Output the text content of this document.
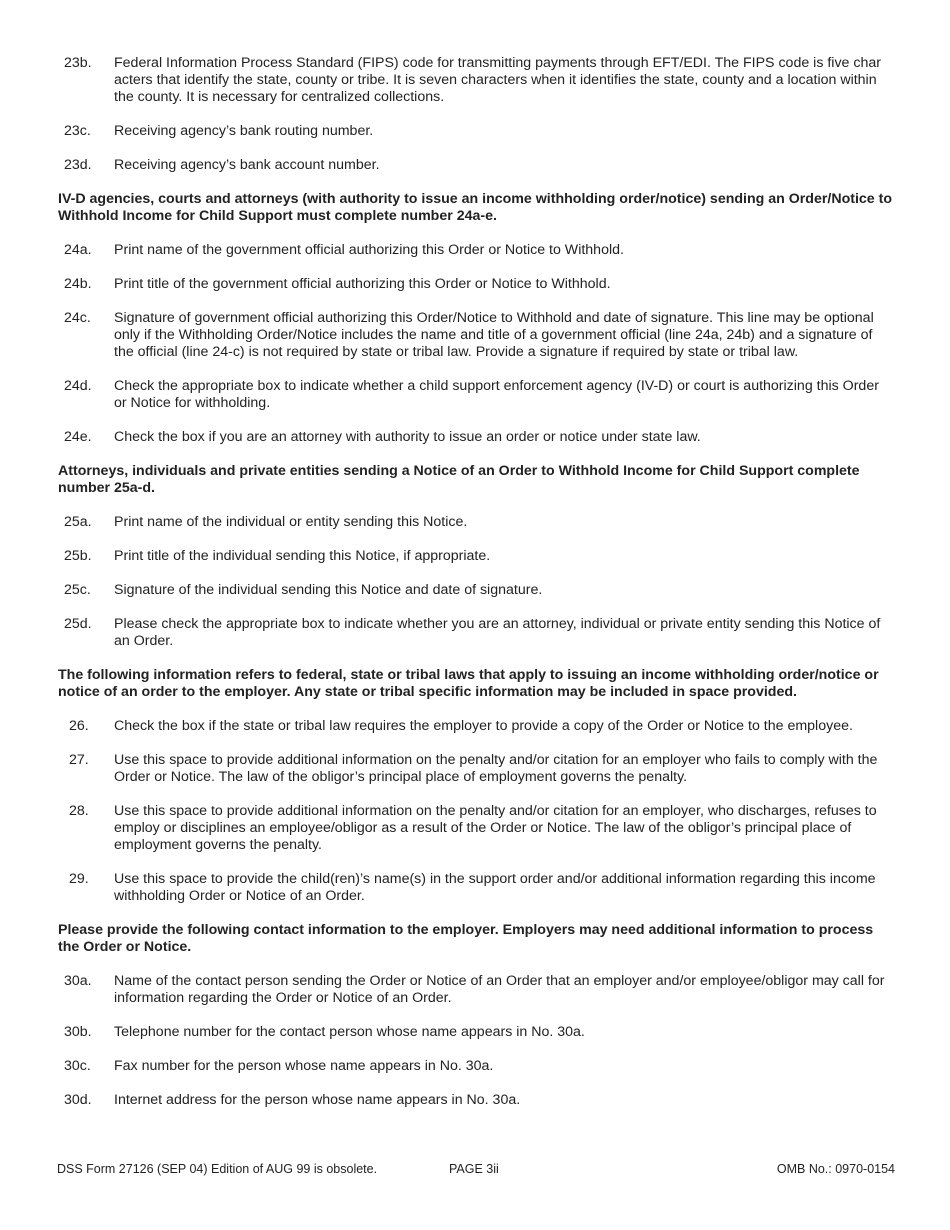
23b.	Federal Information Process Standard (FIPS) code for transmitting payments through EFT/EDI. The FIPS code is five char acters that identify the state, county or tribe. It is seven characters when it identifies the state, county and a location within the county. It is necessary for centralized collections.
23c.	Receiving agency’s bank routing number.
23d.	Receiving agency’s bank account number.
IV-D agencies, courts and attorneys (with authority to issue an income withholding order/notice) sending an Order/Notice to Withhold Income for Child Support must complete number 24a-e.
24a.	Print name of the government official authorizing this Order or Notice to Withhold.
24b.	Print title of the government official authorizing this Order or Notice to Withhold.
24c.	Signature of government official authorizing this Order/Notice to Withhold and date of signature. This line may be optional only if the Withholding Order/Notice includes the name and title of a government official (line 24a, 24b) and a signature of the official (line 24-c) is not required by state or tribal law. Provide a signature if required by state or tribal law.
24d.	Check the appropriate box to indicate whether a child support enforcement agency (IV-D) or court is authorizing this Order or Notice for withholding.
24e.	Check the box if you are an attorney with authority to issue an order or notice under state law.
Attorneys, individuals and private entities sending a Notice of an Order to Withhold Income for Child Support complete number 25a-d.
25a.	Print name of the individual or entity sending this Notice.
25b.	Print title of the individual sending this Notice, if appropriate.
25c.	Signature of the individual sending this Notice and date of signature.
25d.	Please check the appropriate box to indicate whether you are an attorney, individual or private entity sending this Notice of an Order.
The following information refers to federal, state or tribal laws that apply to issuing an income withholding order/notice or notice of an order to the employer. Any state or tribal specific information may be included in space provided.
26.	Check the box if the state or tribal law requires the employer to provide a copy of the Order or Notice to the employee.
27.	Use this space to provide additional information on the penalty and/or citation for an employer who fails to comply with the Order or Notice. The law of the obligor’s principal place of employment governs the penalty.
28.	Use this space to provide additional information on the penalty and/or citation for an employer, who discharges, refuses to employ or disciplines an employee/obligor as a result of the Order or Notice. The law of the obligor’s principal place of employment governs the penalty.
29.	Use this space to provide the child(ren)’s name(s) in the support order and/or additional information regarding this income withholding Order or Notice of an Order.
Please provide the following contact information to the employer. Employers may need additional information to process the Order or Notice.
30a.	Name of the contact person sending the Order or Notice of an Order that an employer and/or employee/obligor may call for information regarding the Order or Notice of an Order.
30b.	Telephone number for the contact person whose name appears in No. 30a.
30c.	Fax number for the person whose name appears in No. 30a.
30d.	Internet address for the person whose name appears in No. 30a.
DSS Form 27126 (SEP 04) Edition of AUG 99 is obsolete.	PAGE 3ii	OMB No.: 0970-0154
